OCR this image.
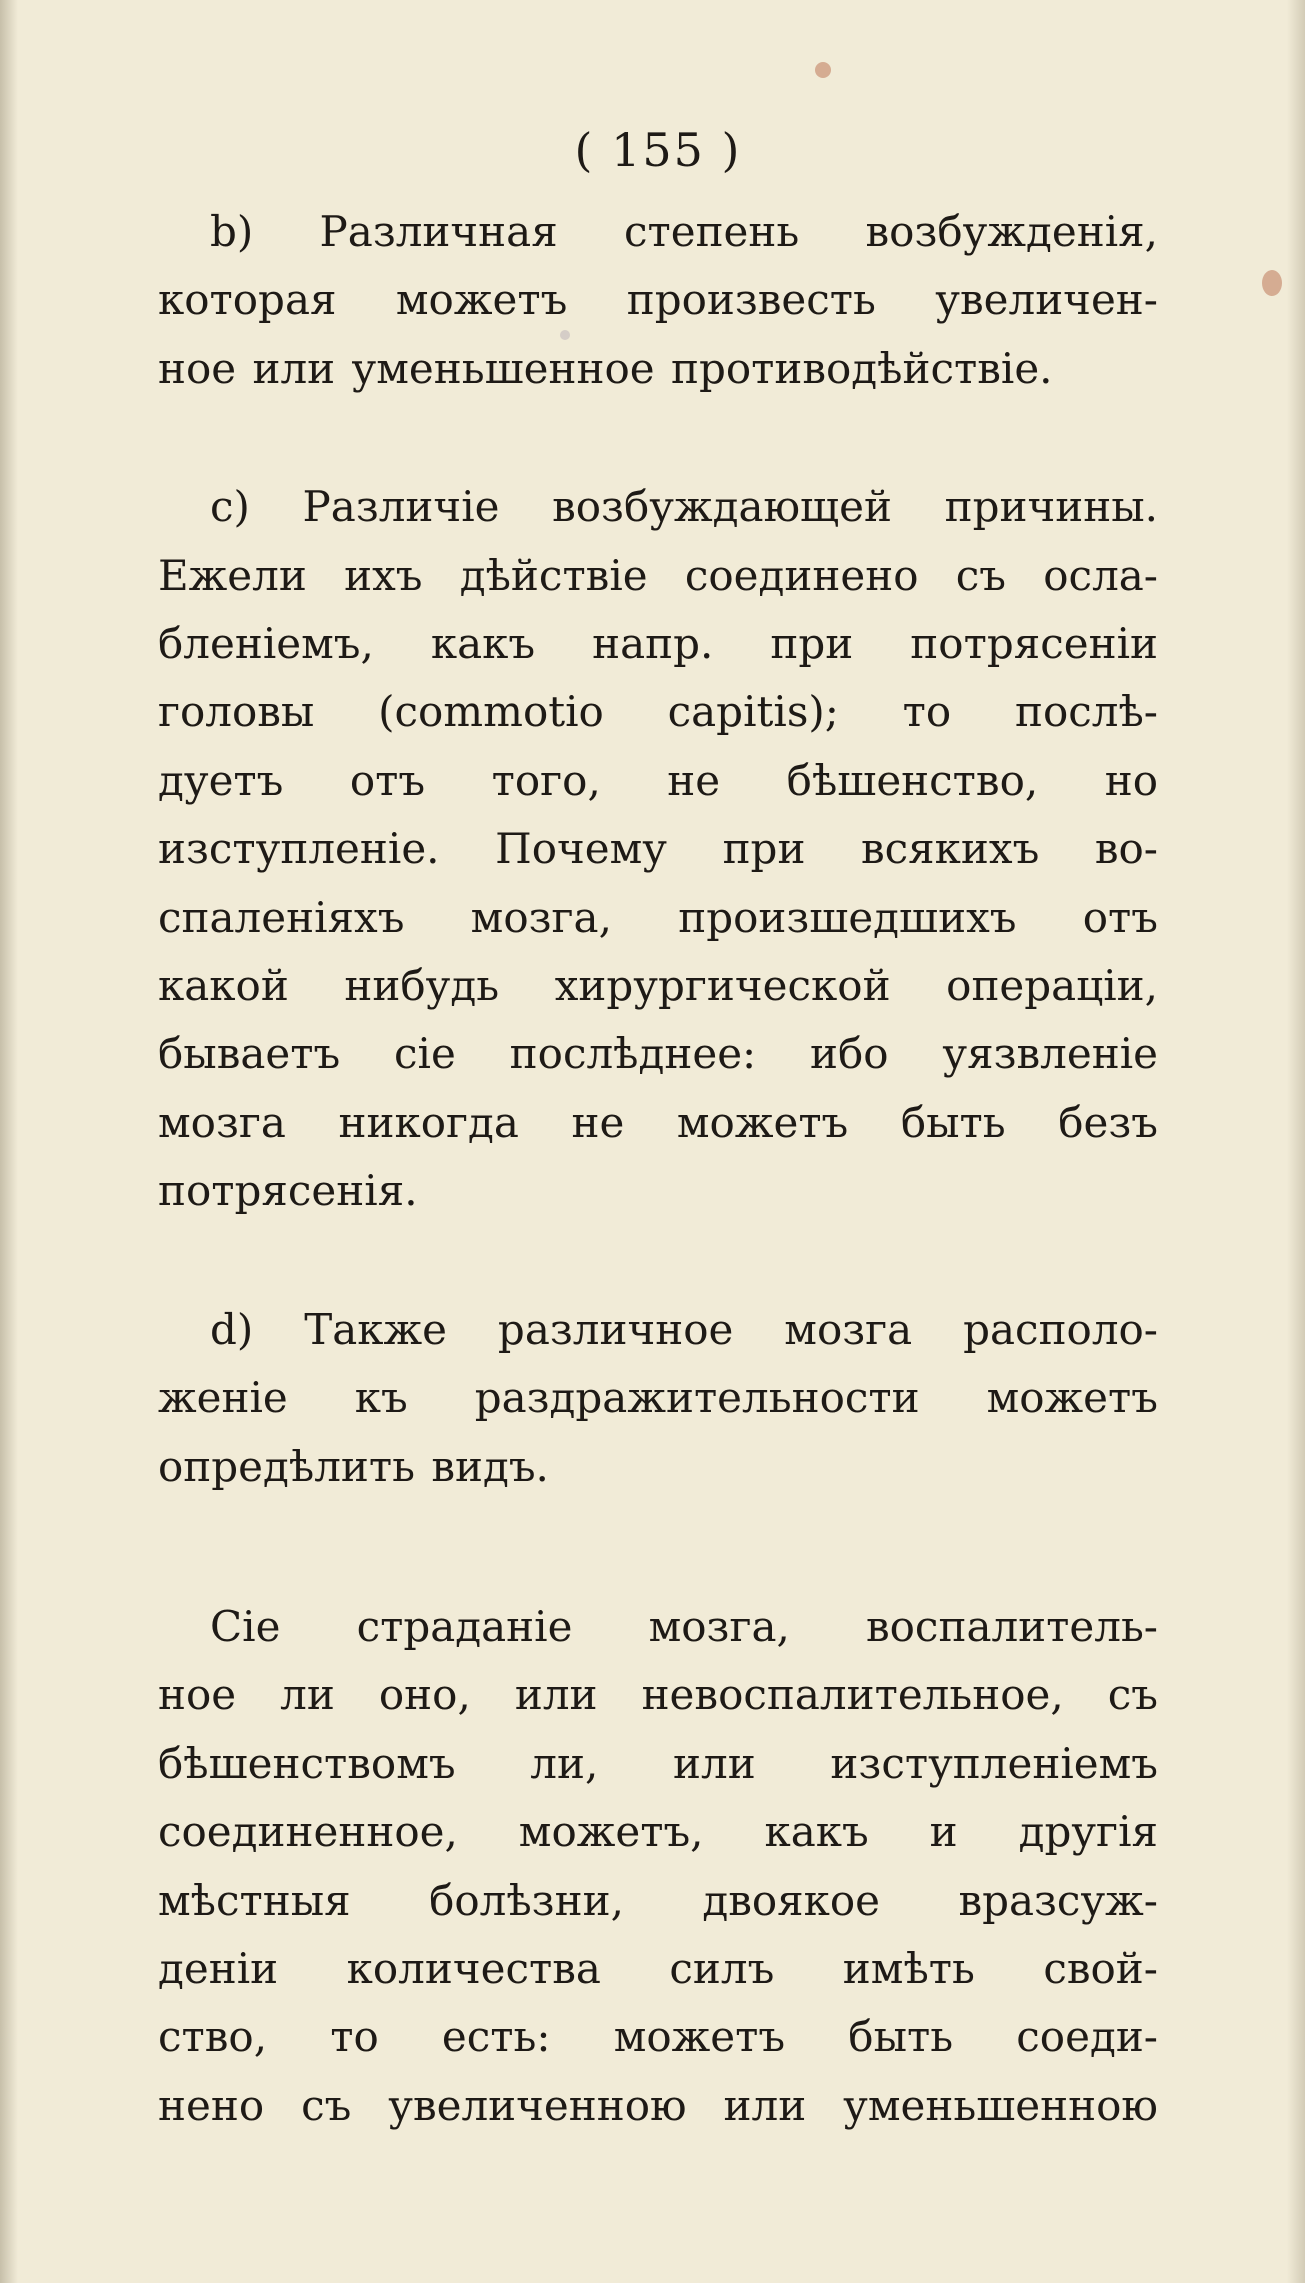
( 155 )
b) Различная степень возбужденія,
которая можетъ произвесть увеличен-
ное или уменьшенное противодѣйствіе.
с) Различіе возбуждающей причины.
Ежели ихъ дѣйствіе соединено съ осла-
бленіемъ, какъ напр. при потрясеніи
головы (commotio capitis); то послѣ-
дуетъ отъ того, не бѣшенство, но
изступленіе. Почему при всякихъ во-
спаленіяхъ мозга, произшедшихъ отъ
какой нибудь хирургической операціи,
бываетъ сіе послѣднее: ибо уязвленіе
мозга никогда не можетъ быть безъ
потрясенія.
d) Также различное мозга располо-
женіе къ раздражительности можетъ
опредѣлить видъ.
Сіе страданіе мозга, воспалитель-
ное ли оно, или невоспалительное, съ
бѣшенствомъ ли, или изступленіемъ
соединенное, можетъ, какъ и другія
мѣстныя болѣзни, двоякое вразсуж-
деніи количества силъ имѣть свой-
ство, то есть: можетъ быть соеди-
нено съ увеличенною или уменьшенною
